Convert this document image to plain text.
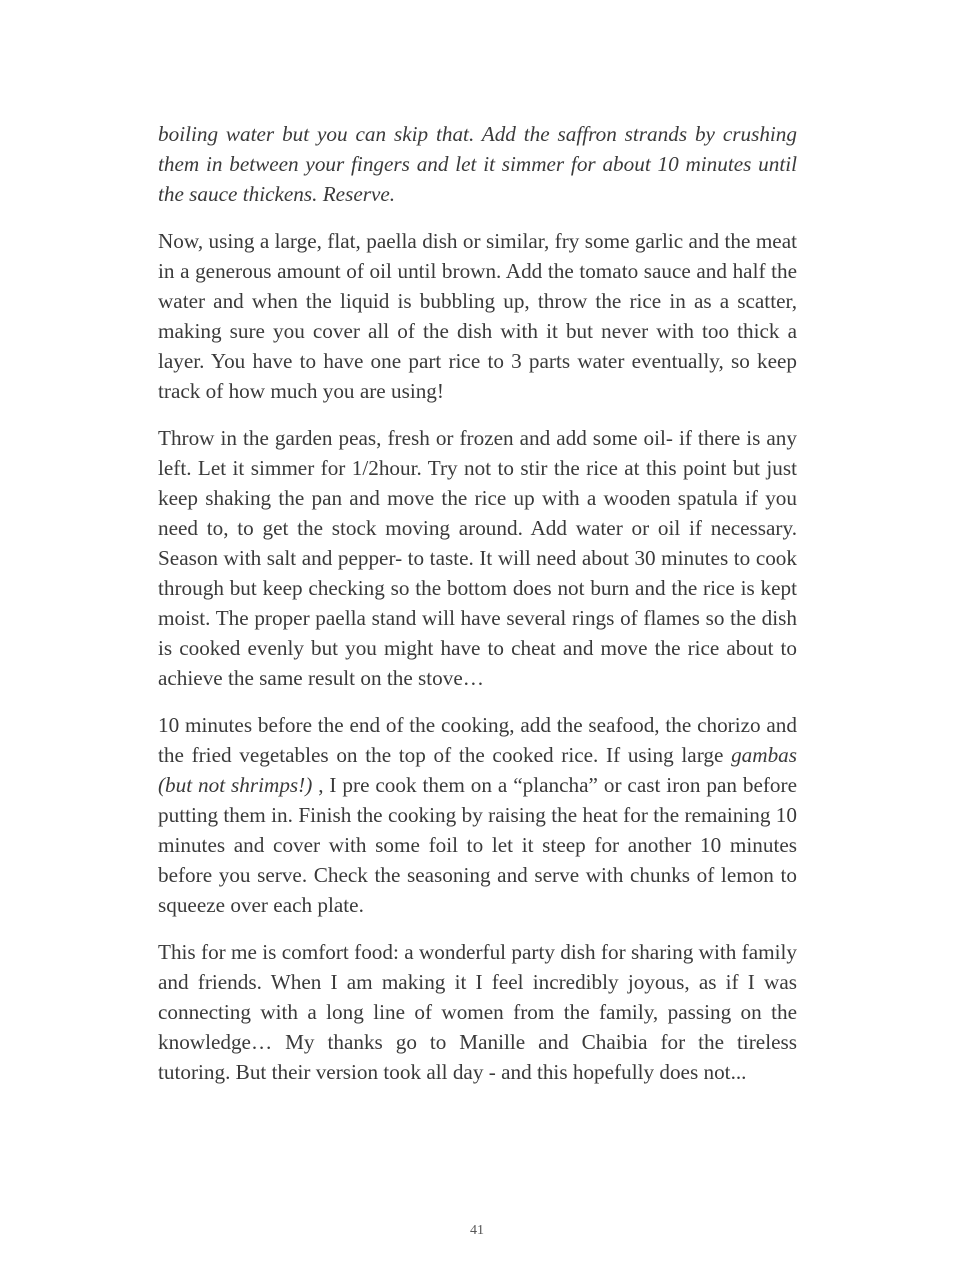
boiling water but you can skip that. Add the saffron strands by crushing them in between your fingers and let it simmer for about 10 minutes until the sauce thickens. Reserve.

Now, using a large, flat, paella dish or similar, fry some garlic and the meat in a generous amount of oil until brown. Add the tomato sauce and half the water and when the liquid is bubbling up, throw the rice in as a scatter, making sure you cover all of the dish with it but never with too thick a layer. You have to have one part rice to 3 parts water eventually, so keep track of how much you are using!

Throw in the garden peas, fresh or frozen and add some oil- if there is any left. Let it simmer for 1/2hour. Try not to stir the rice at this point but just keep shaking the pan and move the rice up with a wooden spatula if you need to, to get the stock moving around. Add water or oil if necessary. Season with salt and pepper- to taste. It will need about 30 minutes to cook through but keep checking so the bottom does not burn and the rice is kept moist. The proper paella stand will have several rings of flames so the dish is cooked evenly but you might have to cheat and move the rice about to achieve the same result on the stove…

10 minutes before the end of the cooking, add the seafood, the chorizo and the fried vegetables on the top of the cooked rice. If using large gambas (but not shrimps!) , I pre cook them on a “plancha” or cast iron pan before putting them in. Finish the cooking by raising the heat for the remaining 10 minutes and cover with some foil to let it steep for another 10 minutes before you serve. Check the seasoning and serve with chunks of lemon to squeeze over each plate.

This for me is comfort food: a wonderful party dish for sharing with family and friends. When I am making it I feel incredibly joyous, as if I was connecting with a long line of women from the family, passing on the knowledge… My thanks go to Manille and Chaibia for the tireless tutoring. But their version took all day - and this hopefully does not...

41
